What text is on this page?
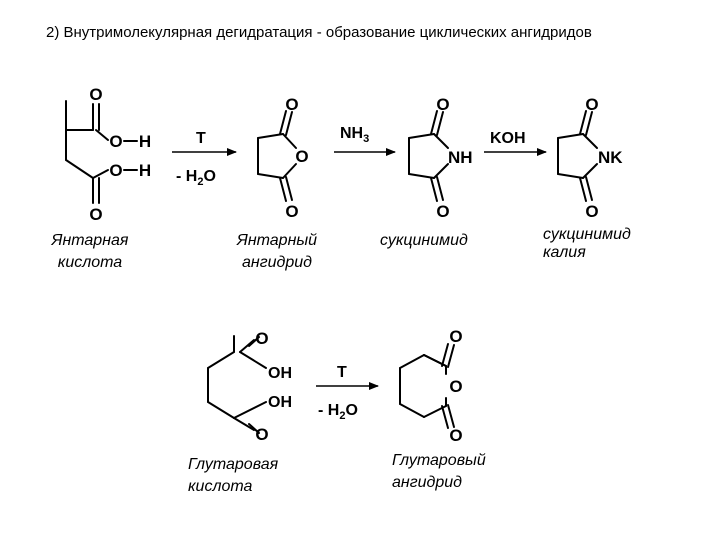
2) Внутримолекулярная дегидратация - образование циклических ангидридов
O
O H
O H
O
T
- $H_2O$
O
O
O
$NH_3$
O
NH
O
KOH
O
NK
O
O
OH
OH
O
T
- $H_2O$
O
O
O
Янтарная
кислота
Янтарный
ангидрид
сукцинимид	сукцинимид
калия
Глутаровая
кислота
Глутаровый
ангидрид
